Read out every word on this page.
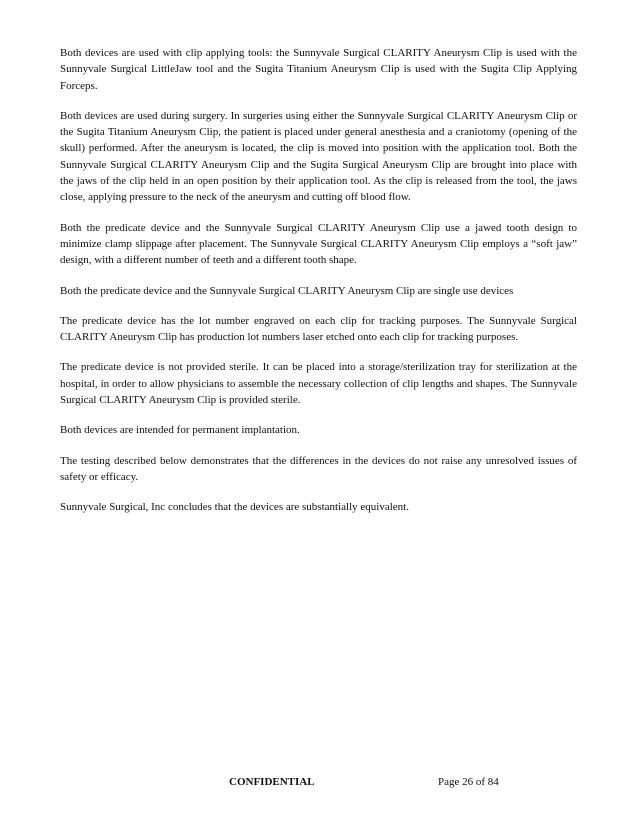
Both devices are used with clip applying tools: the Sunnyvale Surgical CLARITY Aneurysm Clip is used with the Sunnyvale Surgical LittleJaw tool and the Sugita Titanium Aneurysm Clip is used with the Sugita Clip Applying Forceps.

Both devices are used during surgery. In surgeries using either the Sunnyvale Surgical CLARITY Aneurysm Clip or the Sugita Titanium Aneurysm Clip, the patient is placed under general anesthesia and a craniotomy (opening of the skull) performed. After the aneurysm is located, the clip is moved into position with the application tool. Both the Sunnyvale Surgical CLARITY Aneurysm Clip and the Sugita Surgical Aneurysm Clip are brought into place with the jaws of the clip held in an open position by their application tool. As the clip is released from the tool, the jaws close, applying pressure to the neck of the aneurysm and cutting off blood flow.

Both the predicate device and the Sunnyvale Surgical CLARITY Aneurysm Clip use a jawed tooth design to minimize clamp slippage after placement. The Sunnyvale Surgical CLARITY Aneurysm Clip employs a “soft jaw” design, with a different number of teeth and a different tooth shape.

Both the predicate device and the Sunnyvale Surgical CLARITY Aneurysm Clip are single use devices

The predicate device has the lot number engraved on each clip for tracking purposes. The Sunnyvale Surgical CLARITY Aneurysm Clip has production lot numbers laser etched onto each clip for tracking purposes.

The predicate device is not provided sterile. It can be placed into a storage/sterilization tray for sterilization at the hospital, in order to allow physicians to assemble the necessary collection of clip lengths and shapes. The Sunnyvale Surgical CLARITY Aneurysm Clip is provided sterile.

Both devices are intended for permanent implantation.

The testing described below demonstrates that the differences in the devices do not raise any unresolved issues of safety or efficacy.

Sunnyvale Surgical, Inc concludes that the devices are substantially equivalent.

CONFIDENTIAL	Page 26 of 84
